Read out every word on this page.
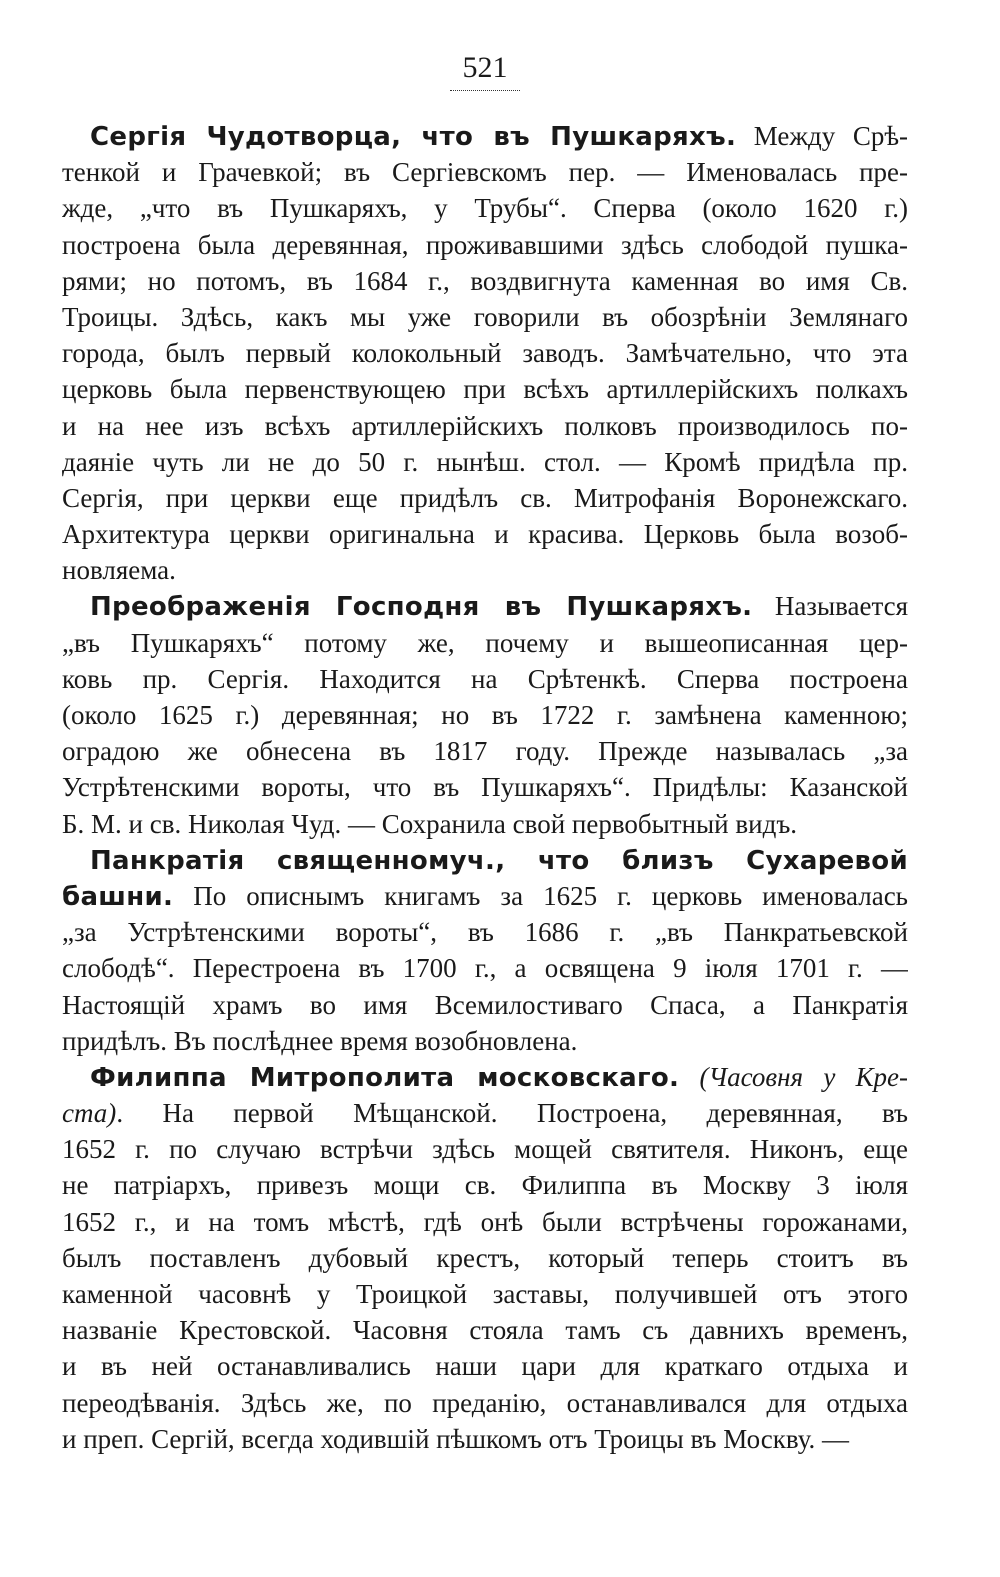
521
Сергія Чудотворца, что въ Пушкаряхъ. Между Срѣ-
тенкой и Грачевкой; въ Сергіевскомъ пер. — Именовалась пре-
жде, „что въ Пушкаряхъ, у Трубы“. Сперва (около 1620 г.)
построена была деревянная, проживавшими здѣсь слободой пушка-
рями; но потомъ, въ 1684 г., воздвигнута каменная во имя Св.
Троицы. Здѣсь, какъ мы уже говорили въ обозрѣніи Землянаго
города, былъ первый колокольный заводъ. Замѣчательно, что эта
церковь была первенствующею при всѣхъ артиллерійскихъ полкахъ
и на нее изъ всѣхъ артиллерійскихъ полковъ производилось по-
даяніе чуть ли не до 50 г. нынѣш. стол. — Кромѣ придѣла пр.
Сергія, при церкви еще придѣлъ св. Митрофанія Воронежскаго.
Архитектура церкви оригинальна и красива. Церковь была возоб-
новляема.
Преображенія Господня въ Пушкаряхъ. Называется
„въ Пушкаряхъ“ потому же, почему и вышеописанная цер-
ковь пр. Сергія. Находится на Срѣтенкѣ. Сперва построена
(около 1625 г.) деревянная; но въ 1722 г. замѣнена каменною;
оградою же обнесена въ 1817 году. Прежде называлась „за
Устрѣтенскими вороты, что въ Пушкаряхъ“. Придѣлы: Казанской
Б. М. и св. Николая Чуд. — Сохранила свой первобытный видъ.
Панкратія священномуч., что близъ Сухаревой
башни. По описнымъ книгамъ за 1625 г. церковь именовалась
„за Устрѣтенскими вороты“, въ 1686 г. „въ Панкратьевской
слободѣ“. Перестроена въ 1700 г., а освящена 9 іюля 1701 г. —
Настоящій храмъ во имя Всемилостиваго Спаса, а Панкратія
придѣлъ. Въ послѣднее время возобновлена.
Филиппа Митрополита московскаго. (Часовня у Кре-
ста). На первой Мѣщанской. Построена, деревянная, въ
1652 г. по случаю встрѣчи здѣсь мощей святителя. Никонъ, еще
не патріархъ, привезъ мощи св. Филиппа въ Москву 3 іюля
1652 г., и на томъ мѣстѣ, гдѣ онѣ были встрѣчены горожанами,
былъ поставленъ дубовый крестъ, который теперь стоитъ въ
каменной часовнѣ у Троицкой заставы, получившей отъ этого
названіе Крестовской. Часовня стояла тамъ съ давнихъ временъ,
и въ ней останавливались наши цари для краткаго отдыха и
переодѣванія. Здѣсь же, по преданію, останавливался для отдыха
и преп. Сергій, всегда ходившій пѣшкомъ отъ Троицы въ Москву. —
